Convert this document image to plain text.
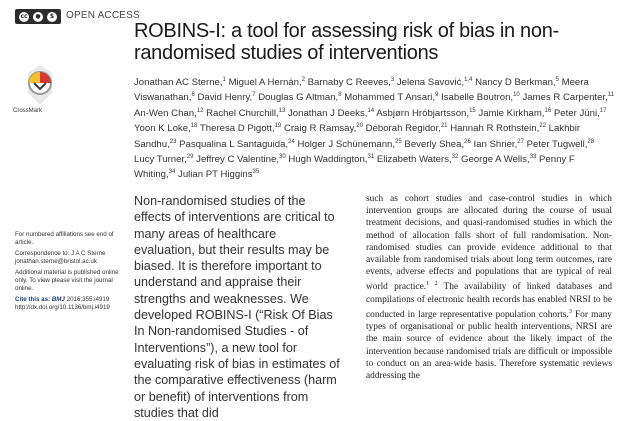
cc	●	$ OPEN ACCESS
CrossMark
ROBINS-I: a tool for assessing risk of bias in non-randomised studies of interventions

Jonathan AC Sterne,$^1$ Miguel A Hernán,$^2$ Barnaby C Reeves,$^3$ Jelena Savović,$^{1,4}$ Nancy D Berkman,$^5$ Meera Viswanathan,$^6$ David Henry,$^7$ Douglas G Altman,$^8$ Mohammed T Ansari,$^9$ Isabelle Boutron,$^{10}$ James R Carpenter,$^{11}$ An-Wen Chan,$^{12}$ Rachel Churchill,$^{13}$ Jonathan J Deeks,$^{14}$ Asbjørn Hróbjartsson,$^{15}$ Jamie Kirkham,$^{16}$ Peter Jüni,$^{17}$ Yoon K Loke,$^{18}$ Theresa D Pigott,$^{19}$ Craig R Ramsay,$^{20}$ Deborah Regidor,$^{21}$ Hannah R Rothstein,$^{22}$ Lakhbir Sandhu,$^{23}$ Pasqualina L Santaguida,$^{24}$ Holger J Schünemann,$^{25}$ Beverly Shea,$^{26}$ Ian Shrier,$^{27}$ Peter Tugwell,$^{28}$ Lucy Turner,$^{29}$ Jeffrey C Valentine,$^{30}$ Hugh Waddington,$^{31}$ Elizabeth Waters,$^{32}$ George A Wells,$^{33}$ Penny F Whiting,$^{34}$ Julian PT Higgins$^{35}$

For numbered affiliations see end of article.

Correspondence to: J A C Sterne jonathan.sterne@bristol.ac.uk

Additional material is published online only. To view please visit the journal online.

Cite this as: BMJ 2016;355:i4919
http://dx.doi.org/10.1136/bmj.i4919

Non-randomised studies of the effects of interventions are critical to many areas of healthcare evaluation, but their results may be biased. It is therefore important to understand and appraise their strengths and weaknesses. We developed ROBINS-I (“Risk Of Bias In Non-randomised Studies - of Interventions”), a new tool for evaluating risk of bias in estimates of the comparative effectiveness (harm or benefit) of interventions from studies that did

such as cohort studies and case-control studies in which intervention groups are allocated during the course of usual treatment decisions, and quasi-randomised studies in which the method of allocation falls short of full randomisation. Non-randomised studies can provide evidence additional to that available from randomised trials about long term outcomes, rare events, adverse effects and populations that are typical of real world practice.$^{1 2}$ The availability of linked databases and compilations of electronic health records has enabled NRSI to be conducted in large representative population cohorts.$^3$ For many types of organisational or public health interventions, NRSI are the main source of evidence about the likely impact of the intervention because randomised trials are difficult or impossible to conduct on an area-wide basis. Therefore systematic reviews addressing the
